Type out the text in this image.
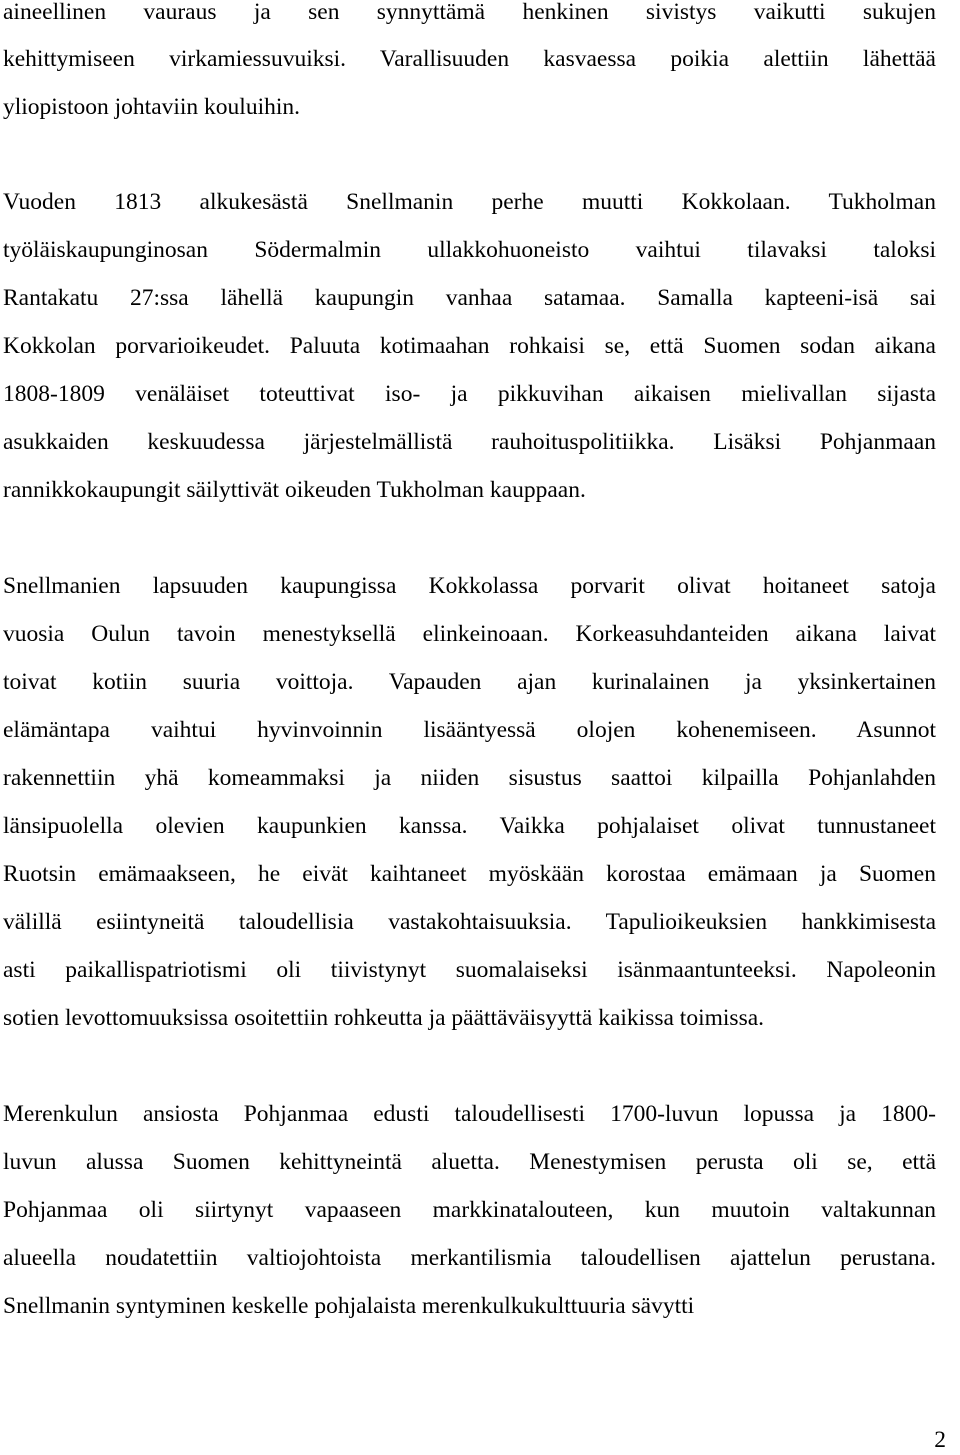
aineellinen vauraus ja sen synnyttämä henkinen sivistys vaikutti sukujen
kehittymiseen virkamiessuvuiksi. Varallisuuden kasvaessa poikia alettiin lähettää
yliopistoon johtaviin kouluihin.
Vuoden 1813 alkukesästä Snellmanin perhe muutti Kokkolaan. Tukholman
työläiskaupunginosan Södermalmin ullakkohuoneisto vaihtui tilavaksi taloksi
Rantakatu 27:ssa lähellä kaupungin vanhaa satamaa. Samalla kapteeni-isä sai
Kokkolan porvarioikeudet. Paluuta kotimaahan rohkaisi se, että Suomen sodan aikana
1808-1809 venäläiset toteuttivat iso- ja pikkuvihan aikaisen mielivallan sijasta
asukkaiden keskuudessa järjestelmällistä rauhoituspolitiikka. Lisäksi Pohjanmaan
rannikkokaupungit säilyttivät oikeuden Tukholman kauppaan.
Snellmanien lapsuuden kaupungissa Kokkolassa porvarit olivat hoitaneet satoja
vuosia Oulun tavoin menestyksellä elinkeinoaan. Korkeasuhdanteiden aikana laivat
toivat kotiin suuria voittoja. Vapauden ajan kurinalainen ja yksinkertainen
elämäntapa vaihtui hyvinvoinnin lisääntyessä olojen kohenemiseen. Asunnot
rakennettiin yhä komeammaksi ja niiden sisustus saattoi kilpailla Pohjanlahden
länsipuolella olevien kaupunkien kanssa. Vaikka pohjalaiset olivat tunnustaneet
Ruotsin emämaakseen, he eivät kaihtaneet myöskään korostaa emämaan ja Suomen
välillä esiintyneitä taloudellisia vastakohtaisuuksia. Tapulioikeuksien hankkimisesta
asti paikallispatriotismi oli tiivistynyt suomalaiseksi isänmaantunteeksi. Napoleonin
sotien levottomuuksissa osoitettiin rohkeutta ja päättäväisyyttä kaikissa toimissa.
Merenkulun ansiosta Pohjanmaa edusti taloudellisesti 1700-luvun lopussa ja 1800-
luvun alussa Suomen kehittyneintä aluetta. Menestymisen perusta oli se, että
Pohjanmaa oli siirtynyt vapaaseen markkinatalouteen, kun muutoin valtakunnan
alueella noudatettiin valtiojohtoista merkantilismia taloudellisen ajattelun perustana.
Snellmanin syntyminen keskelle pohjalaista merenkulkukulttuuria sävytti
2
